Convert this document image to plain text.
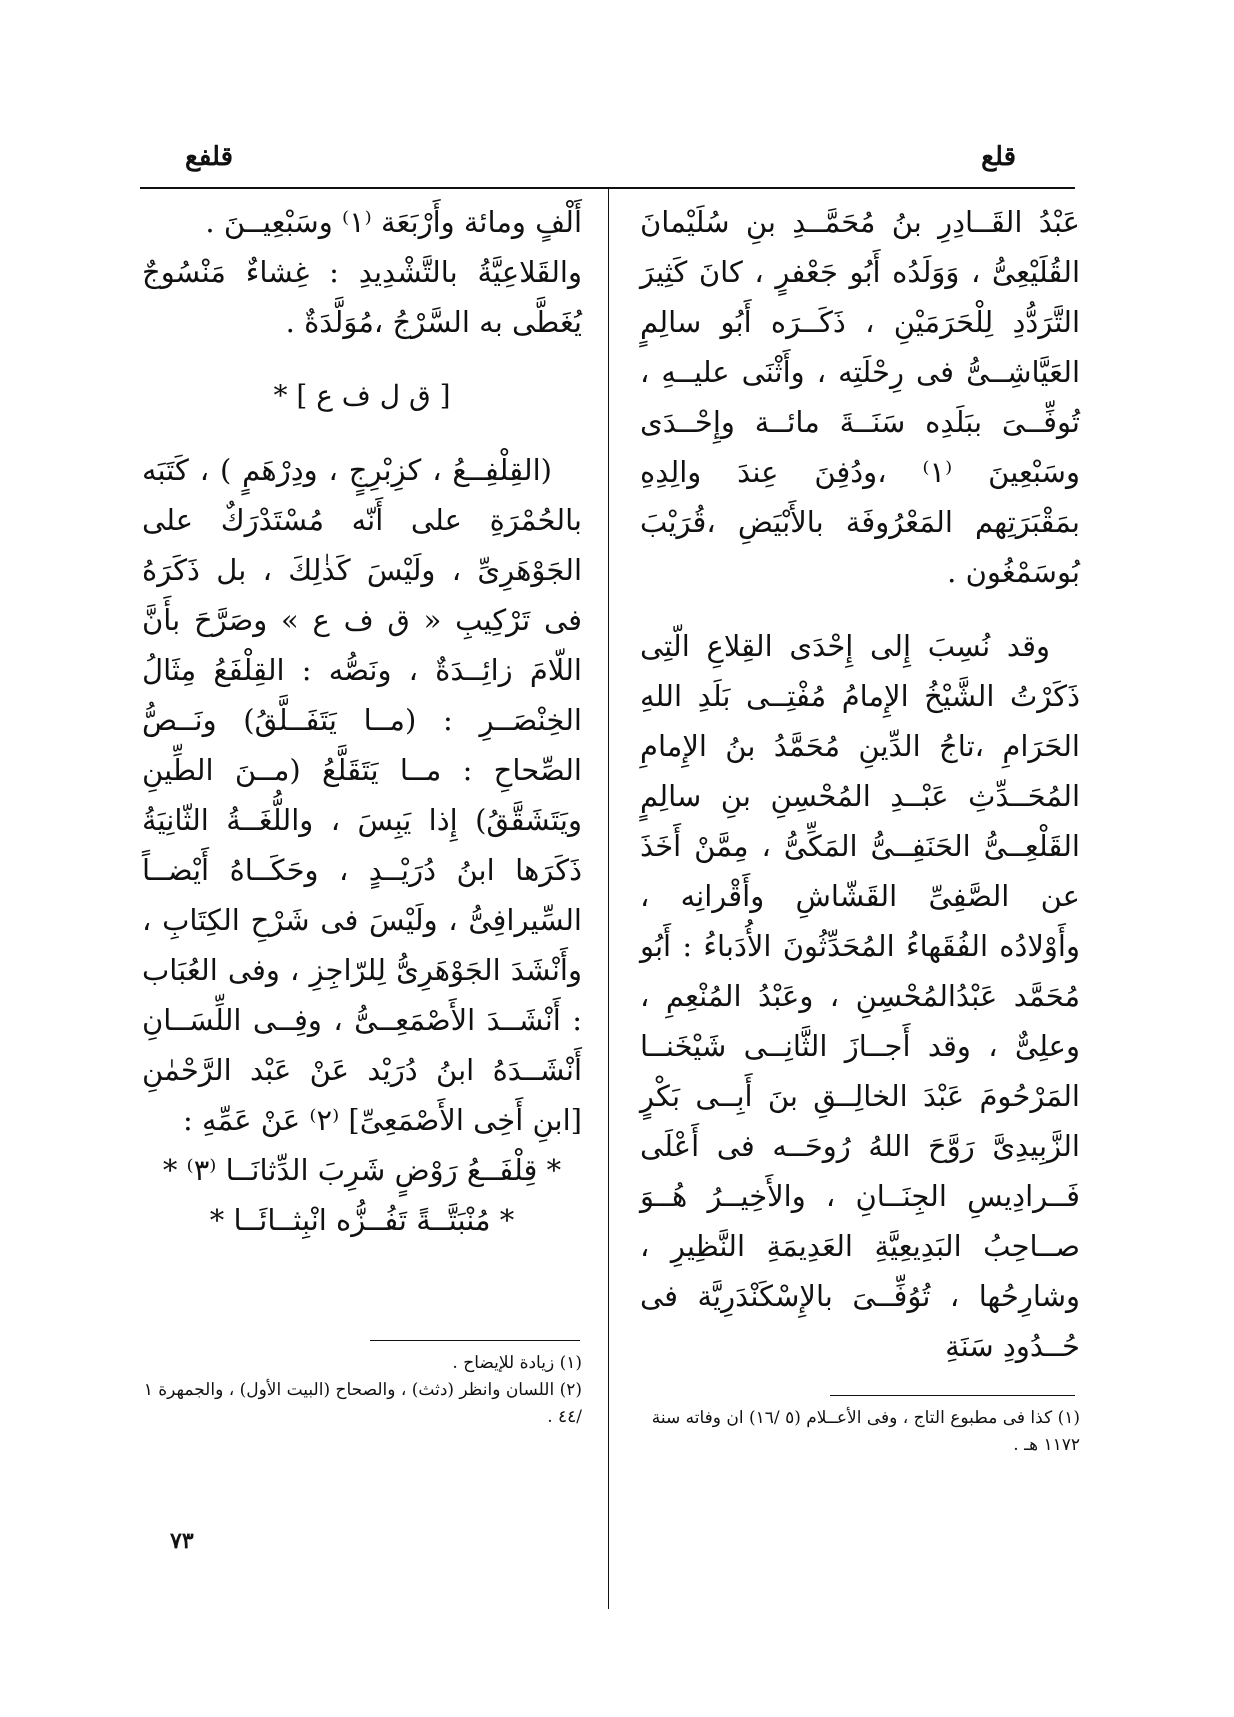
قلع
قلفع

عَبْدُ القَــادِرِ بنُ مُحَمَّــدِ بنِ سُلَيْمانَ القُلَيْعِىُّ ، وَوَلَدُه أَبُو جَعْفرٍ ، كانَ كَثِيرَ التَّرَدُّدِ لِلْحَرَمَيْنِ ، ذَكَــرَه أَبُو سالِمٍ العَيَّاشِــىُّ فى رِحْلَتِه ، وأَثْنَى عليــهِ ، تُوفِّــىَ ببَلَدِه سَنَــةَ مائــة وإِحْــدَى وسَبْعِينَ ⁽١⁾ ،ودُفِنَ عِندَ والِدِهِ بمَقْبَرَتِهم المَعْرُوفَة بالأَبْيَضِ ،قُرَيْبَ بُوسَمْغُون .

وقد نُسِبَ إِلى إِحْدَى القِلاعِ الّتِى ذَكَرْتُ الشَّيْخُ الإِمامُ مُفْتِــى بَلَدِ اللهِ الحَرَامِ ،تاجُ الدِّينِ مُحَمَّدُ بنُ الإِمامِ المُحَــدِّثِ عَبْــدِ المُحْسِنِ بنِ سالِمٍ القَلْعِــىُّ الحَنَفِــىُّ المَكِّىُّ ، مِمَّنْ أَخَذَ عن الصَّفِىِّ القَشّاشِ وأَقْرانِه ، وأَوْلادُه الفُقَهاءُ المُحَدِّثُونَ الأُدَباءُ : أَبُو مُحَمَّد عَبْدُالمُحْسِنِ ، وعَبْدُ المُنْعِمِ ، وعلِىٌّ ، وقد أَجــازَ الثَّانِــى شَيْخَنــا المَرْحُومَ عَبْدَ الخالِــقِ بنَ أَبِــى بَكْرٍ الزَّبِيدِىَّ رَوَّحَ اللهُ رُوحَــه فى أَعْلَى فَــرادِيسِ الجِنَــانِ ، والأَخِيــرُ هُــوَ صــاحِبُ البَدِيعِيَّةِ العَدِيمَةِ النَّظِيرِ ، وشارِحُها ، تُوُفِّــىَ بالإِسْكَنْدَرِيَّة فى حُــدُودِ سَنَةِ

أَلْفٍ ومائة وأَرْبَعَة ⁽١⁾ وسَبْعِيــنَ .
والقَلاعِيَّةُ بالتَّشْدِيدِ : غِشاءٌ مَنْسُوجٌ يُغَطَّى به السَّرْجُ ،مُوَلَّدَةٌ .

[ ق ل ف ع ] *

(القِلْفِــعُ ، كزِبْرِجٍ ، ودِرْهَمٍ ) ، كَتَبَه بالحُمْرَةِ على أَنّه مُسْتَدْرَكٌ على الجَوْهَرِىِّ ، ولَيْسَ كَذٰلِكَ ، بل ذَكَرَهُ فى تَرْكِيبِ « ق ف ع » وصَرَّحَ بأَنَّ اللّامَ زائِــدَةٌ ، ونَصُّه : القِلْفَعُ مِثَالُ الخِنْصَــرِ : (مــا يَتَفَــلَّقُ) ونَــصُّ الصِّحاحِ : مــا يَتَقَلَّعُ (مــنَ الطِّينِ ويَتَشَقَّقُ) إِذا يَبِسَ ، واللُّغَــةُ الثّانِيَةُ ذَكَرَها ابنُ دُرَيْــدٍ ، وحَكَــاهُ أَيْضــاً السِّيرافِىُّ ، ولَيْسَ فى شَرْحِ الكِتَابِ ، وأَنْشَدَ الجَوْهَرِىُّ لِلرّاجِزِ ، وفى العُبَاب : أَنْشَــدَ الأَصْمَعِــىُّ ، وفِــى اللِّسَــانِ أَنْشَــدَهُ ابنُ دُرَيْد عَنْ عَبْد الرَّحْمٰنِ [ابنِ أَخِى الأَصْمَعِىِّ] ⁽٢⁾ عَنْ عَمِّهِ :

* قِلْفَــعُ رَوْضٍ شَرِبَ الدِّثانَــا ⁽٣⁾ *

* مُنْبَتَّــةً تَفُــزُّه انْبِثــائَــا *

(١) زيادة للإيضاح .

(٢) اللسان وانظر (دثث) ، والصحاح (البيت الأول) ، والجمهرة ١ /٤٤ .	(١) كذا فى مطبوع التاج ، وفى الأعــلام (٥ /١٦) ان وفاته سنة ١١٧٢ هـ .

٧٣
